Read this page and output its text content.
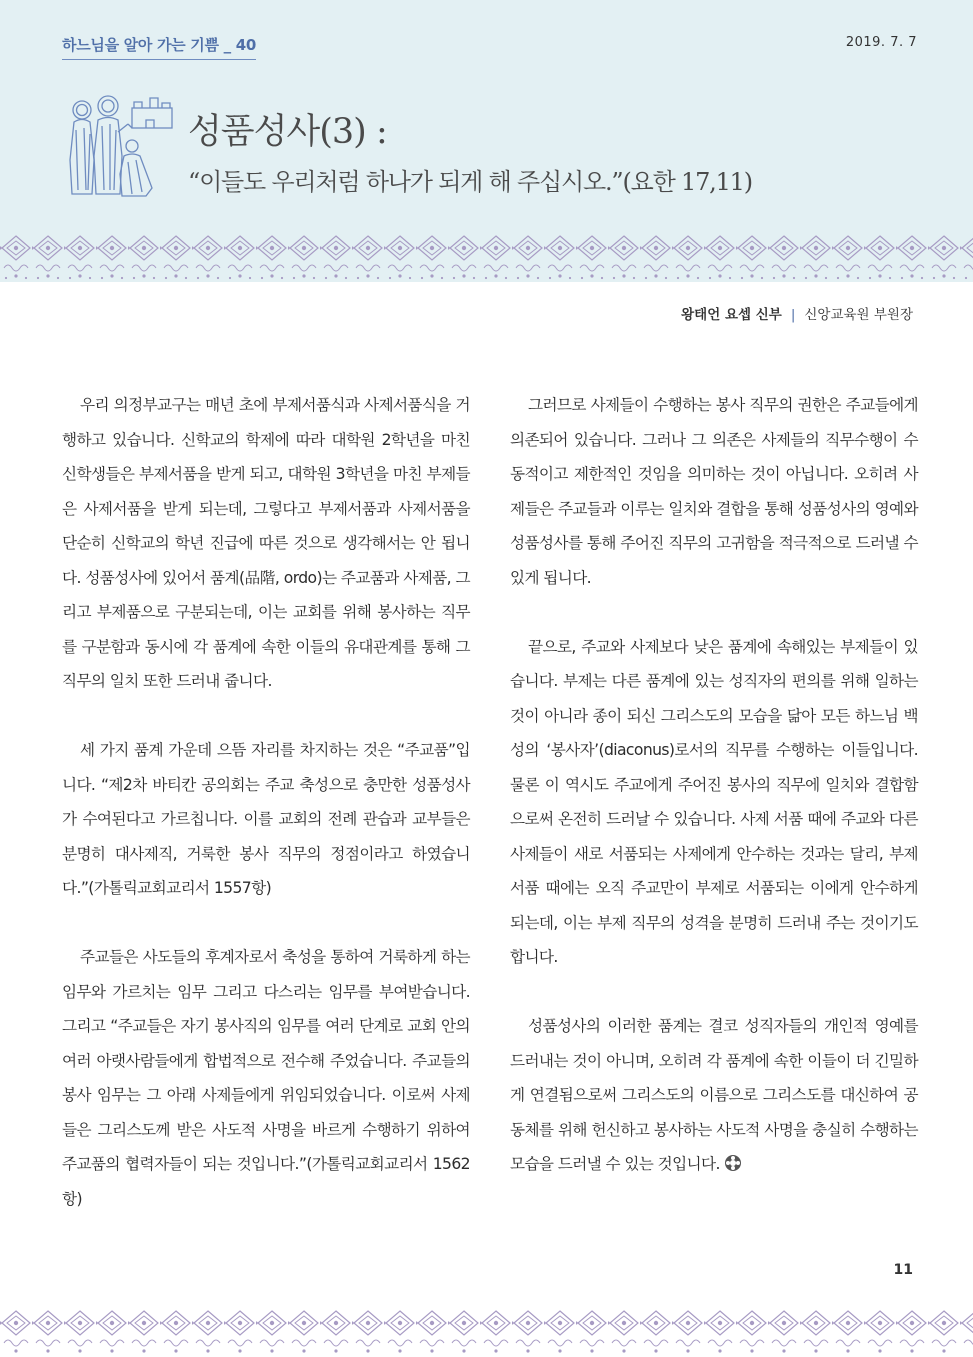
하느님을 알아 가는 기쁨 _ 40	2019. 7. 7
성품성사(3) :
“이들도 우리처럼 하나가 되게 해 주십시오.”(요한 17,11)
왕태언 요셉 신부 | 신앙교육원 부원장

우리 의정부교구는 매년 초에 부제서품식과 사제서품식을 거행하고 있습니다. 신학교의 학제에 따라 대학원 2학년을 마친 신학생들은 부제서품을 받게 되고, 대학원 3학년을 마친 부제들은 사제서품을 받게 되는데, 그렇다고 부제서품과 사제서품을 단순히 신학교의 학년 진급에 따른 것으로 생각해서는 안 됩니다. 성품성사에 있어서 품계(品階, ordo)는 주교품과 사제품, 그리고 부제품으로 구분되는데, 이는 교회를 위해 봉사하는 직무를 구분함과 동시에 각 품계에 속한 이들의 유대관계를 통해 그 직무의 일치 또한 드러내 줍니다.

세 가지 품계 가운데 으뜸 자리를 차지하는 것은 “주교품”입니다. “제2차 바티칸 공의회는 주교 축성으로 충만한 성품성사가 수여된다고 가르칩니다. 이를 교회의 전례 관습과 교부들은 분명히 대사제직, 거룩한 봉사 직무의 정점이라고 하였습니다.”(가톨릭교회교리서 1557항)

주교들은 사도들의 후계자로서 축성을 통하여 거룩하게 하는 임무와 가르치는 임무 그리고 다스리는 임무를 부여받습니다. 그리고 “주교들은 자기 봉사직의 임무를 여러 단계로 교회 안의 여러 아랫사람들에게 합법적으로 전수해 주었습니다. 주교들의 봉사 임무는 그 아래 사제들에게 위임되었습니다. 이로써 사제들은 그리스도께 받은 사도적 사명을 바르게 수행하기 위하여 주교품의 협력자들이 되는 것입니다.”(가톨릭교회교리서 1562항)

그러므로 사제들이 수행하는 봉사 직무의 권한은 주교들에게 의존되어 있습니다. 그러나 그 의존은 사제들의 직무수행이 수동적이고 제한적인 것임을 의미하는 것이 아닙니다. 오히려 사제들은 주교들과 이루는 일치와 결합을 통해 성품성사의 영예와 성품성사를 통해 주어진 직무의 고귀함을 적극적으로 드러낼 수 있게 됩니다.

끝으로, 주교와 사제보다 낮은 품계에 속해있는 부제들이 있습니다. 부제는 다른 품계에 있는 성직자의 편의를 위해 일하는 것이 아니라 종이 되신 그리스도의 모습을 닮아 모든 하느님 백성의 ‘봉사자’(diaconus)로서의 직무를 수행하는 이들입니다. 물론 이 역시도 주교에게 주어진 봉사의 직무에 일치와 결합함으로써 온전히 드러날 수 있습니다. 사제 서품 때에 주교와 다른 사제들이 새로 서품되는 사제에게 안수하는 것과는 달리, 부제 서품 때에는 오직 주교만이 부제로 서품되는 이에게 안수하게 되는데, 이는 부제 직무의 성격을 분명히 드러내 주는 것이기도 합니다.

성품성사의 이러한 품계는 결코 성직자들의 개인적 영예를 드러내는 것이 아니며, 오히려 각 품계에 속한 이들이 더 긴밀하게 연결됨으로써 그리스도의 이름으로 그리스도를 대신하여 공동체를 위해 헌신하고 봉사하는 사도적 사명을 충실히 수행하는 모습을 드러낼 수 있는 것입니다.

11
